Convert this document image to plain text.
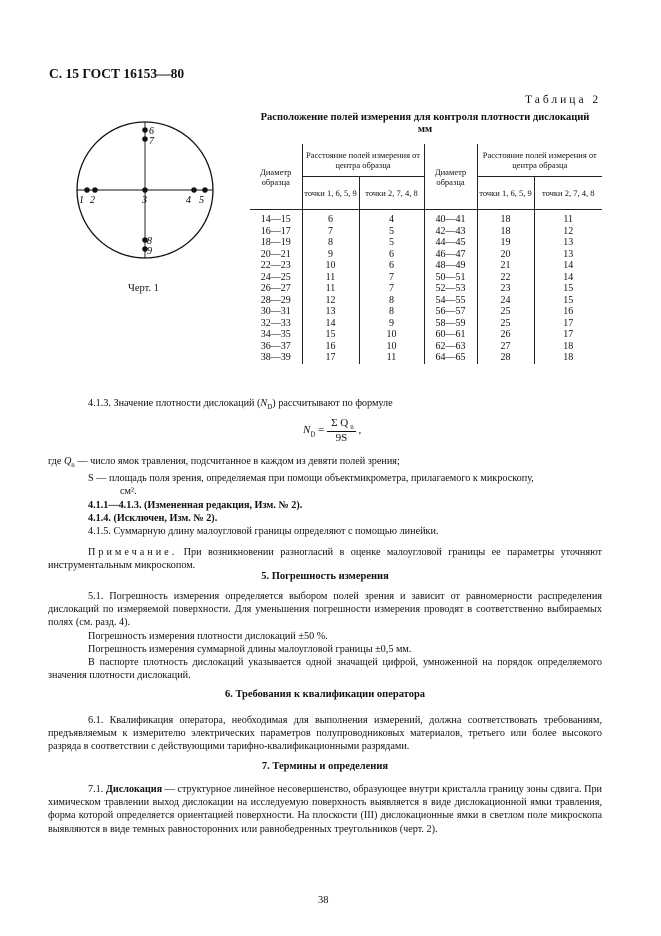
С. 15 ГОСТ 16153—80
Таблица 2
Расположение полей измерения для контроля плотности дислокаций
мм
1 2	3	4 5
6
7
8
9
Черт. 1
Диаметр образца	Расстояние полей измерения от центра образца		Диаметр образца	Расстояние полей измерения от центра образца	
	точки 1, 6, 5, 9	точки 2, 7, 4, 8		точки 1, 6, 5, 9	точки 2, 7, 4, 8
14—15	6	4	40—41	18	11
16—17	7	5	42—43	18	12
18—19	8	5	44—45	19	13
20—21	9	6	46—47	20	13
22—23	10	6	48—49	21	14
24—25	11	7	50—51	22	14
26—27	11	7	52—53	23	15
28—29	12	8	54—55	24	15
30—31	13	8	56—57	25	16
32—33	14	9	58—59	25	17
34—35	15	10	60—61	26	17
36—37	16	10	62—63	27	18
38—39	17	11	64—65	28	18

4.1.3. Значение плотности дислокаций $(N_D)$ рассчитывают по формуле

$N_D = \frac{\Sigma Q _n}{9S}$ ,

где $Q_n$ — число ямок травления, подсчитанное в каждом из девяти полей зрения;

S — площадь поля зрения, определяемая при помощи объектмикрометра, прилагаемого к микроскопу,

см².

4.1.1—4.1.3. (Измененная редакция, Изм. № 2).

4.1.4. (Исключен, Изм. № 2).

4.1.5. Суммарную длину малоугловой границы определяют с помощью линейки.

Примечание. При возникновении разногласий в оценке малоугловой границы ее параметры уточняют инструментальным микроскопом.

5. Погрешность измерения

5.1. Погрешность измерения определяется выбором полей зрения и зависит от равномерности распределения дислокаций по измеряемой поверхности. Для уменьшения погрешности измерения проводят в соответственно выбираемых полях (см. разд. 4).

Погрешность измерения плотности дислокаций ±50 %.

Погрешность измерения суммарной длины малоугловой границы ±0,5 мм.

В паспорте плотность дислокаций указывается одной значащей цифрой, умноженной на порядок определяемого значения плотности дислокаций.

6. Требования к квалификации оператора

6.1. Квалификация оператора, необходимая для выполнения измерений, должна соответствовать требованиям, предъявляемым к измерителю электрических параметров полупроводниковых материалов, третьего или более высокого разряда в соответствии с действующими тарифно-квалификационными разрядами.

7. Термины и определения

7.1. Дислокация — структурное линейное несовершенство, образующее внутри кристалла границу зоны сдвига. При химическом травлении выход дислокации на исследуемую поверхность выявляется в виде дислокационной ямки травления, форма которой определяется ориентацией поверхности. На плоскости (III) дислокационные ямки в светлом поле микроскопа выявляются в виде темных равносторонних или равнобедренных треугольников (черт. 2).

38
